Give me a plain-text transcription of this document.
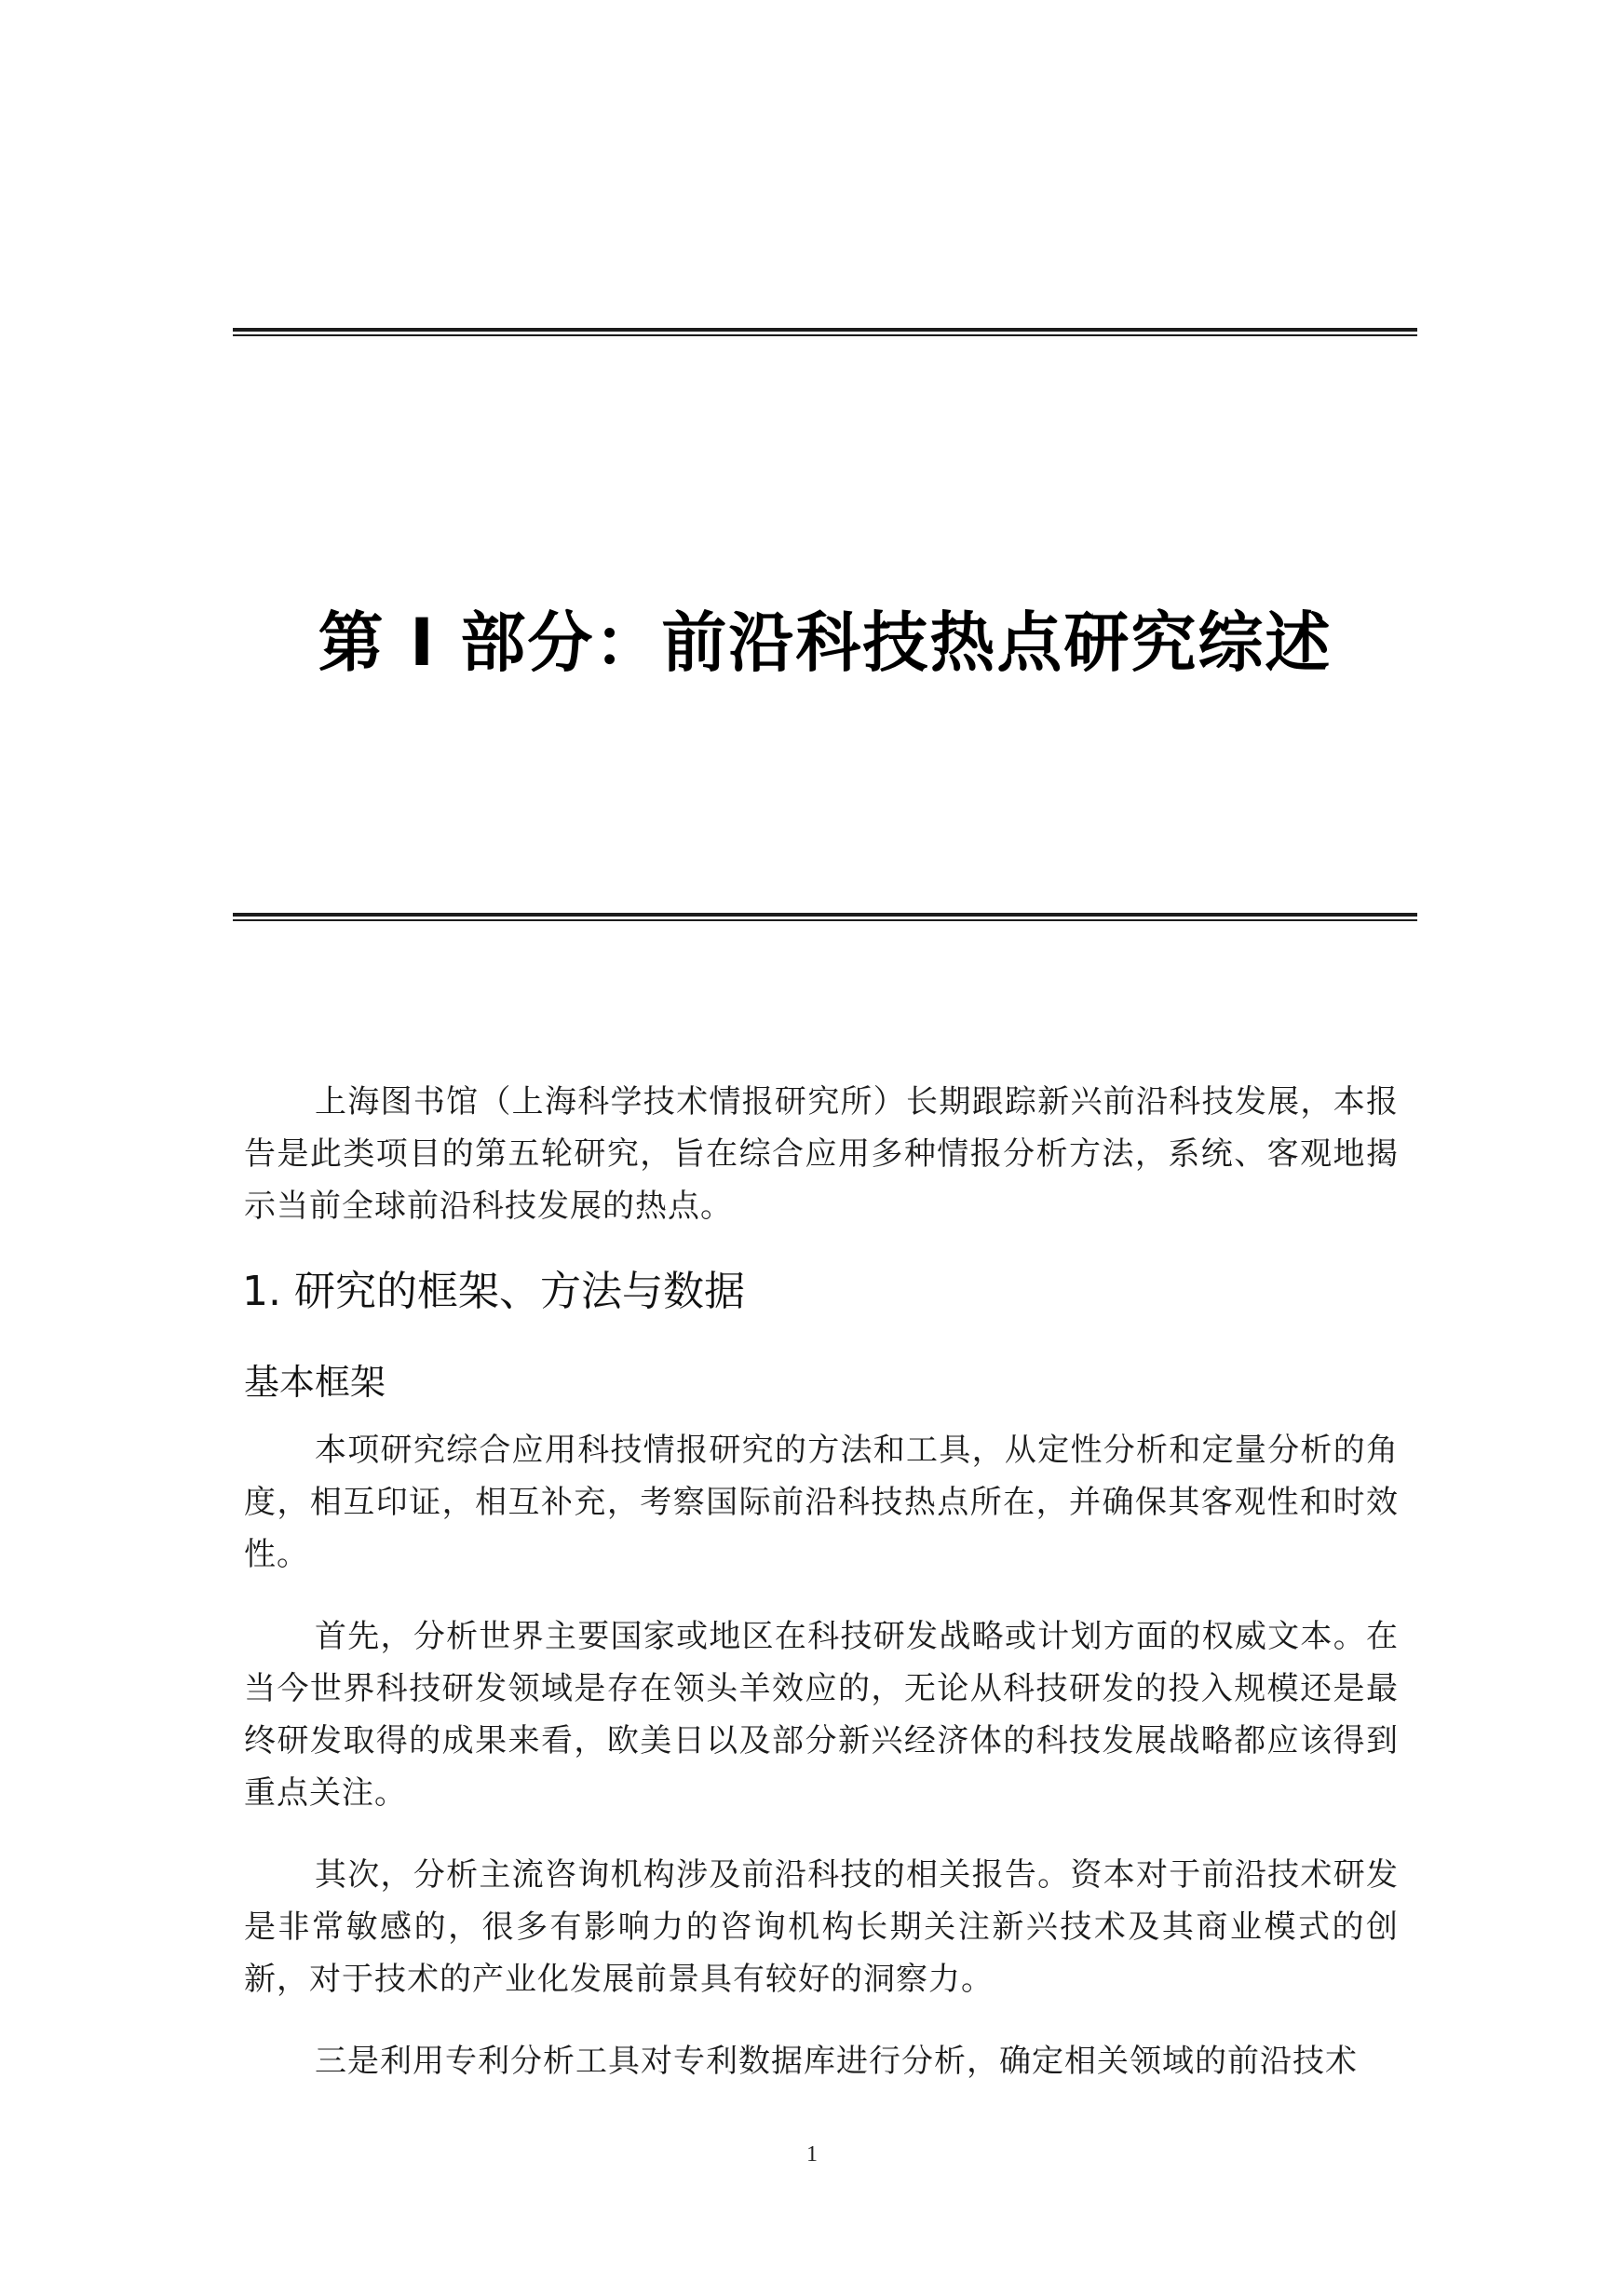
第 I 部分：前沿科技热点研究综述

上海图书馆（上海科学技术情报研究所）长期跟踪新兴前沿科技发展，本报告是此类项目的第五轮研究，旨在综合应用多种情报分析方法，系统、客观地揭示当前全球前沿科技发展的热点。

1. 研究的框架、方法与数据
基本框架

本项研究综合应用科技情报研究的方法和工具，从定性分析和定量分析的角度，相互印证，相互补充，考察国际前沿科技热点所在，并确保其客观性和时效性。

首先，分析世界主要国家或地区在科技研发战略或计划方面的权威文本。在当今世界科技研发领域是存在领头羊效应的，无论从科技研发的投入规模还是最终研发取得的成果来看，欧美日以及部分新兴经济体的科技发展战略都应该得到重点关注。

其次，分析主流咨询机构涉及前沿科技的相关报告。资本对于前沿技术研发是非常敏感的，很多有影响力的咨询机构长期关注新兴技术及其商业模式的创新，对于技术的产业化发展前景具有较好的洞察力。

三是利用专利分析工具对专利数据库进行分析，确定相关领域的前沿技术

1
